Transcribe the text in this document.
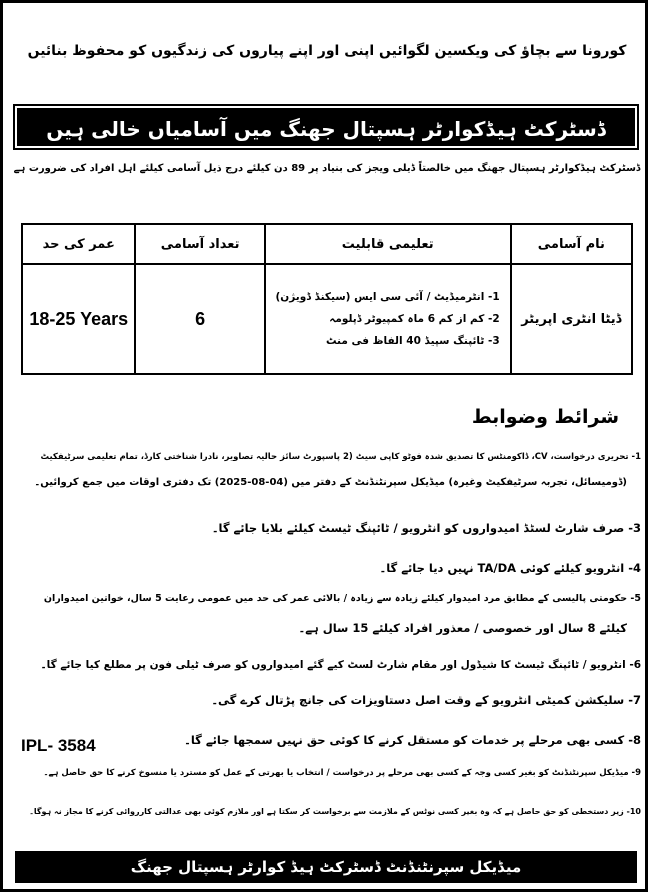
کورونا سے بچاؤ کی ویکسین لگوائیں اپنی اور اپنے پیاروں کی زندگیوں کو محفوظ بنائیں
ڈسٹرکٹ ہیڈکوارٹر ہسپتال جھنگ میں آسامیاں خالی ہیں
ڈسٹرکٹ ہیڈکوارٹر ہسپتال جھنگ میں خالصتاً ڈیلی ویجز کی بنیاد پر 89 دن کیلئے درج ذیل آسامی کیلئے اہل افراد کی ضرورت ہے
نام آسامی	تعلیمی قابلیت	تعداد آسامی	عمر کی حد
ڈیٹا انٹری اپریٹر	1- انٹرمیڈیٹ / آئی سی ایس (سیکنڈ ڈویژن)
2- کم از کم 6 ماہ کمپیوٹر ڈپلومہ
3- ٹائپنگ سپیڈ 40 الفاظ فی منٹ	6	18-25 Years
شرائط وضوابط
1- تحریری درخواست، CV، ڈاکومنٹس کا تصدیق شدہ فوٹو کاپی سیٹ (2 پاسپورٹ سائز حالیہ تصاویر، نادرا شناختی کارڈ، تمام تعلیمی سرٹیفکیٹ
(ڈومیسائل، تجربہ سرٹیفکیٹ وغیرہ) میڈیکل سپرنٹنڈنٹ کے دفتر میں (04-08-2025) تک دفتری اوقات میں جمع کروائیں۔
3- صرف شارٹ لسٹڈ امیدواروں کو انٹرویو / ٹائپنگ ٹیسٹ کیلئے بلایا جائے گا۔
4- انٹرویو کیلئے کوئی TA/DA نہیں دیا جائے گا۔
5- حکومتی پالیسی کے مطابق مرد امیدوار کیلئے زیادہ سے زیادہ / بالائی عمر کی حد میں عمومی رعایت 5 سال، خواتین امیدواران
کیلئے 8 سال اور خصوصی / معذور افراد کیلئے 15 سال ہے۔
6- انٹرویو / ٹائپنگ ٹیسٹ کا شیڈول اور مقام شارٹ لسٹ کیے گئے امیدواروں کو صرف ٹیلی فون پر مطلع کیا جائے گا۔
7- سلیکشن کمیٹی انٹرویو کے وقت اصل دستاویزات کی جانچ پڑتال کرے گی۔
8- کسی بھی مرحلے پر خدمات کو مستقل کرنے کا کوئی حق نہیں سمجھا جائے گا۔
9- میڈیکل سپرنٹنڈنٹ کو بغیر کسی وجہ کے کسی بھی مرحلے پر درخواست / انتخاب یا بھرتی کے عمل کو مسترد یا منسوخ کرنے کا حق حاصل ہے۔
10- زیر دستخطی کو حق حاصل ہے کہ وہ بغیر کسی نوٹس کے ملازمت سے برخواست کر سکتا ہے اور ملازم کوئی بھی عدالتی کارروائی کرنے کا مجاز نہ ہوگا۔
IPL- 3584
میڈیکل سپرنٹنڈنٹ ڈسٹرکٹ ہیڈ کوارٹر ہسپتال جھنگ
